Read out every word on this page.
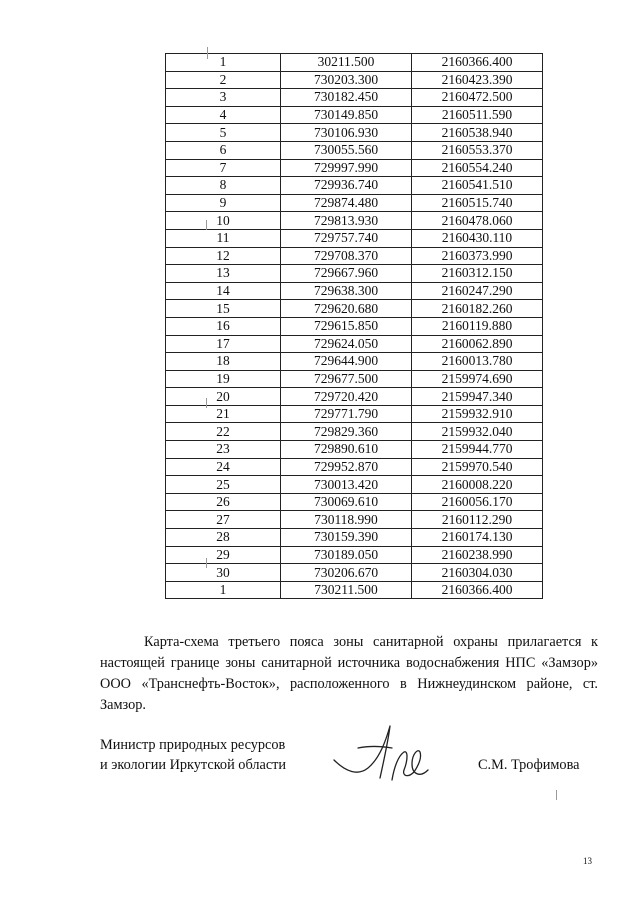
1	30211.500	2160366.400
2	730203.300	2160423.390
3	730182.450	2160472.500
4	730149.850	2160511.590
5	730106.930	2160538.940
6	730055.560	2160553.370
7	729997.990	2160554.240
8	729936.740	2160541.510
9	729874.480	2160515.740
10	729813.930	2160478.060
11	729757.740	2160430.110
12	729708.370	2160373.990
13	729667.960	2160312.150
14	729638.300	2160247.290
15	729620.680	2160182.260
16	729615.850	2160119.880
17	729624.050	2160062.890
18	729644.900	2160013.780
19	729677.500	2159974.690
20	729720.420	2159947.340
21	729771.790	2159932.910
22	729829.360	2159932.040
23	729890.610	2159944.770
24	729952.870	2159970.540
25	730013.420	2160008.220
26	730069.610	2160056.170
27	730118.990	2160112.290
28	730159.390	2160174.130
29	730189.050	2160238.990
30	730206.670	2160304.030
1	730211.500	2160366.400
Карта-схема третьего пояса зоны санитарной охраны прилагается к настоящей границе зоны санитарной источника водоснабжения НПС «Замзор» ООО «Транснефть-Восток», расположенного в Нижнеудинском районе, ст. Замзор.
Министр природных ресурсов
и экологии Иркутской области	С.М. Трофимова
13
